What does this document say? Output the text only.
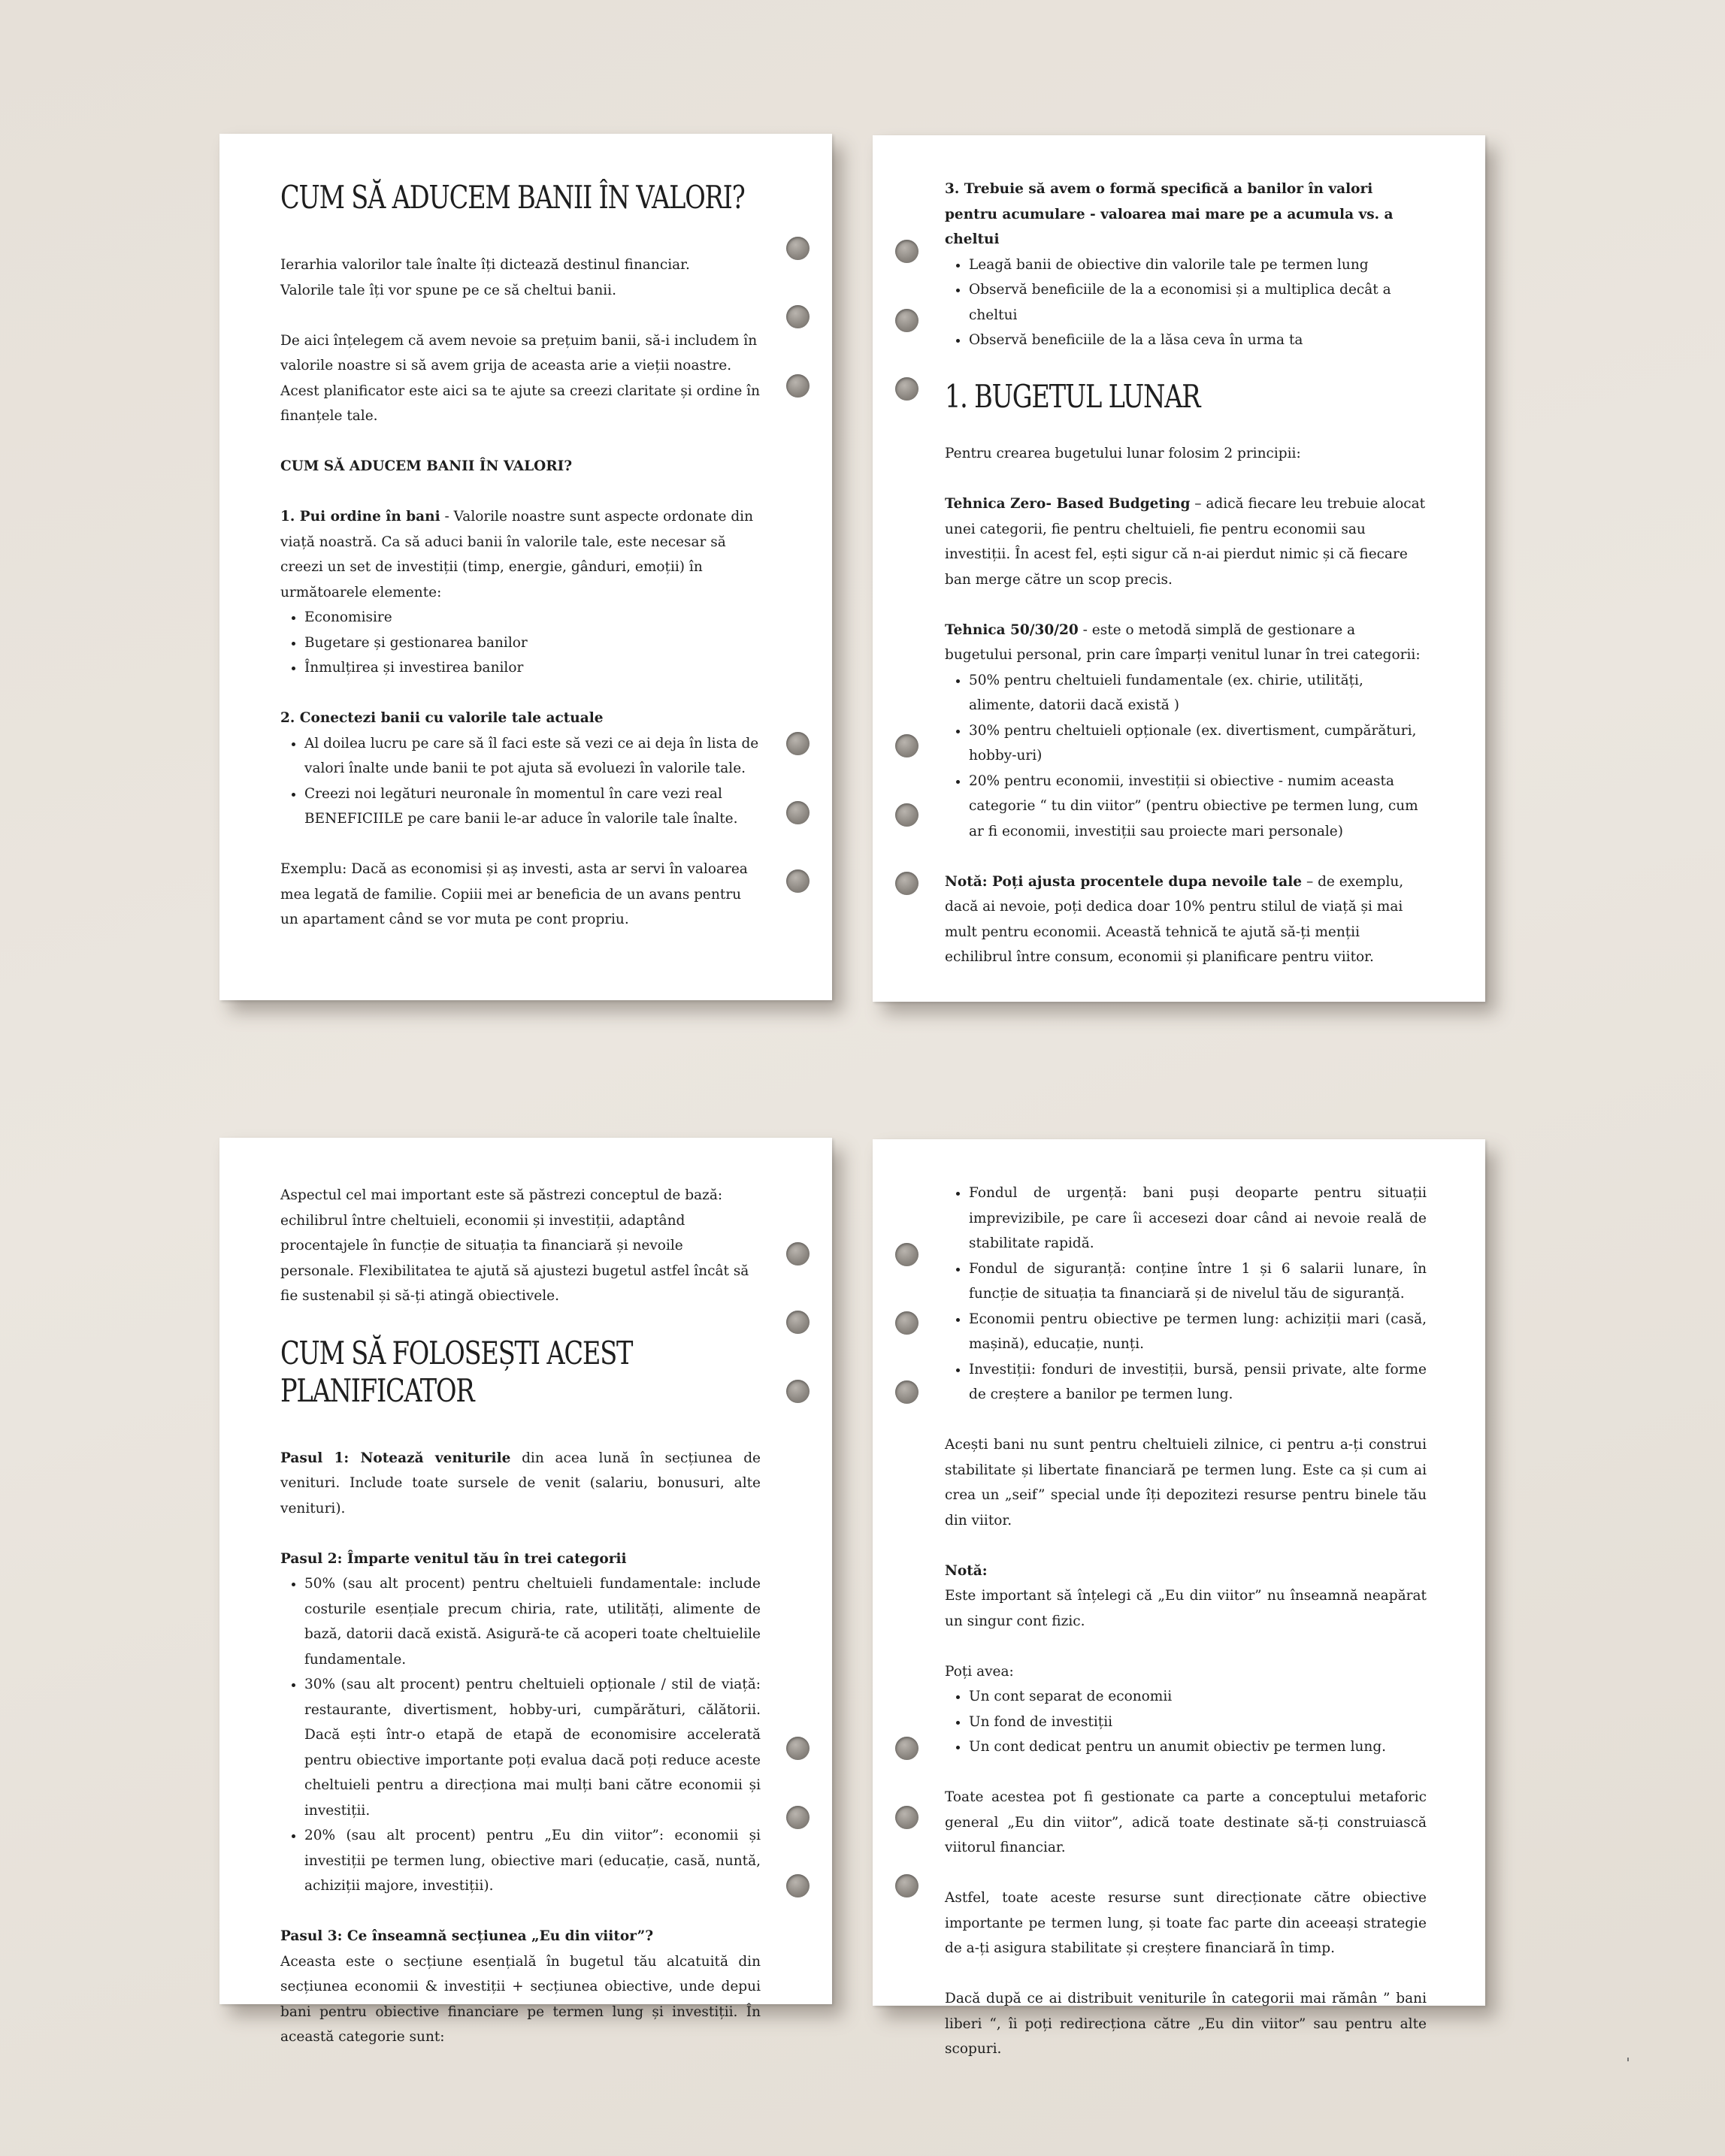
CUM SĂ ADUCEM BANII ÎN VALORI?

Ierarhia valorilor tale înalte îți dictează destinul financiar.

Valorile tale îți vor spune pe ce să cheltui banii.

De aici înțelegem că avem nevoie sa prețuim banii, să-i includem în valorile noastre si să avem grija de aceasta arie a vieții noastre. Acest planificator este aici sa te ajute sa creezi claritate și ordine în finanțele tale.

CUM SĂ ADUCEM BANII ÎN VALORI?

1. Pui ordine în bani - Valorile noastre sunt aspecte ordonate din viață noastră. Ca să aduci banii în valorile tale, este necesar să creezi un set de investiții (timp, energie, gânduri, emoții) în următoarele elemente:

• Economisire
• Bugetare și gestionarea banilor
• Înmulțirea și investirea banilor

2. Conectezi banii cu valorile tale actuale

• Al doilea lucru pe care să îl faci este să vezi ce ai deja în lista de valori înalte unde banii te pot ajuta să evoluezi în valorile tale.
• Creezi noi legături neuronale în momentul în care vezi real BENEFICIILE pe care banii le-ar aduce în valorile tale înalte.

Exemplu: Dacă as economisi și aș investi, asta ar servi în valoarea mea legată de familie. Copiii mei ar beneficia de un avans pentru un apartament când se vor muta pe cont propriu.

3. Trebuie să avem o formă specifică a banilor în valori pentru acumulare - valoarea mai mare pe a acumula vs. a cheltui

• Leagă banii de obiective din valorile tale pe termen lung
• Observă beneficiile de la a economisi și a multiplica decât a cheltui
• Observă beneficiile de la a lăsa ceva în urma ta
1. BUGETUL LUNAR

Pentru crearea bugetului lunar folosim 2 principii:

Tehnica Zero- Based Budgeting – adică fiecare leu trebuie alocat unei categorii, fie pentru cheltuieli, fie pentru economii sau investiții. În acest fel, ești sigur că n-ai pierdut nimic și că fiecare ban merge către un scop precis.

Tehnica 50/30/20 - este o metodă simplă de gestionare a bugetului personal, prin care împarți venitul lunar în trei categorii:

• 50% pentru cheltuieli fundamentale (ex. chirie, utilități, alimente, datorii dacă există )
• 30% pentru cheltuieli opționale (ex. divertisment, cumpărături, hobby-uri)
• 20% pentru economii, investiții si obiective - numim aceasta categorie “ tu din viitor” (pentru obiective pe termen lung, cum ar fi economii, investiții sau proiecte mari personale)

Notă: Poți ajusta procentele dupa nevoile tale – de exemplu, dacă ai nevoie, poți dedica doar 10% pentru stilul de viață și mai mult pentru economii. Această tehnică te ajută să-ți menții echilibrul între consum, economii și planificare pentru viitor.

Aspectul cel mai important este să păstrezi conceptul de bază: echilibrul între cheltuieli, economii și investiții, adaptând procentajele în funcție de situația ta financiară și nevoile personale. Flexibilitatea te ajută să ajustezi bugetul astfel încât să fie sustenabil și să-ți atingă obiectivele.

CUM SĂ FOLOSEȘTI ACEST PLANIFICATOR

Pasul 1: Notează veniturile din acea lună în secțiunea de venituri. Include toate sursele de venit (salariu, bonusuri, alte venituri).

Pasul 2: Împarte venitul tău în trei categorii

• 50% (sau alt procent) pentru cheltuieli fundamentale: include costurile esențiale precum chiria, rate, utilități, alimente de bază, datorii dacă există. Asigură-te că acoperi toate cheltuielile fundamentale.
• 30% (sau alt procent) pentru cheltuieli opționale / stil de viață: restaurante, divertisment, hobby-uri, cumpărături, călătorii. Dacă ești într-o etapă de etapă de economisire accelerată pentru obiective importante poți evalua dacă poți reduce aceste cheltuieli pentru a direcționa mai mulți bani către economii și investiții.
• 20% (sau alt procent) pentru „Eu din viitor”: economii și investiții pe termen lung, obiective mari (educație, casă, nuntă, achiziții majore, investiții).

Pasul 3: Ce înseamnă secțiunea „Eu din viitor”?

Aceasta este o secțiune esențială în bugetul tău alcatuită din secțiunea economii & investiții + secțiunea obiective, unde depui bani pentru obiective financiare pe termen lung și investiții. În această categorie sunt:

• Fondul de urgență: bani puși deoparte pentru situații imprevizibile, pe care îi accesezi doar când ai nevoie reală de stabilitate rapidă.
• Fondul de siguranță: conține între 1 și 6 salarii lunare, în funcție de situația ta financiară și de nivelul tău de siguranță.
• Economii pentru obiective pe termen lung: achiziții mari (casă, mașină), educație, nunți.
• Investiții: fonduri de investiții, bursă, pensii private, alte forme de creștere a banilor pe termen lung.

Acești bani nu sunt pentru cheltuieli zilnice, ci pentru a-ți construi stabilitate și libertate financiară pe termen lung. Este ca și cum ai crea un „seif” special unde îți depozitezi resurse pentru binele tău din viitor.

Notă:

Este important să înțelegi că „Eu din viitor” nu înseamnă neapărat un singur cont fizic.

Poți avea:

• Un cont separat de economii
• Un fond de investiții
• Un cont dedicat pentru un anumit obiectiv pe termen lung.

Toate acestea pot fi gestionate ca parte a conceptului metaforic general „Eu din viitor”, adică toate destinate să-ți construiască viitorul financiar.

Astfel, toate aceste resurse sunt direcționate către obiective importante pe termen lung, și toate fac parte din aceeași strategie de a-ți asigura stabilitate și creștere financiară în timp.

Dacă după ce ai distribuit veniturile în categorii mai rămân ” bani liberi “, îi poți redirecționa către „Eu din viitor” sau pentru alte scopuri.
